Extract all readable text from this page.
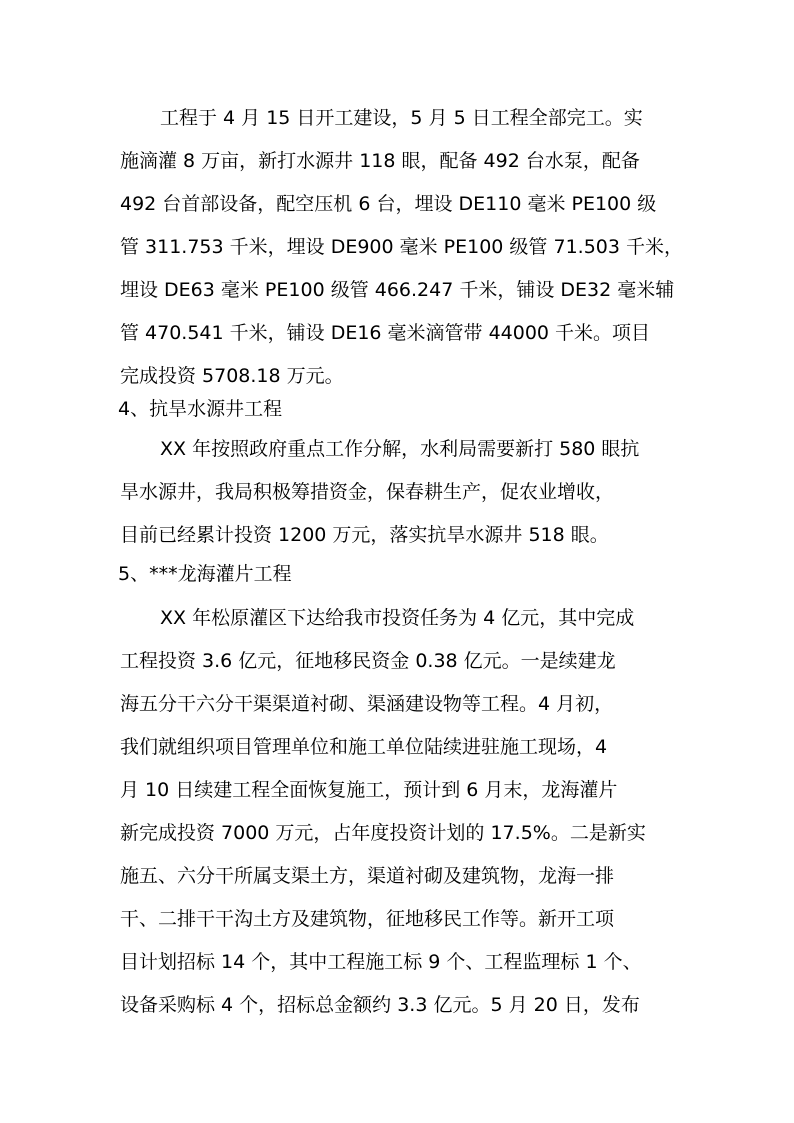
工程于 4 月 15 日开工建设，5 月 5 日工程全部完工。实
施滴灌 8 万亩，新打水源井 118 眼，配备 492 台水泵，配备
492 台首部设备，配空压机 6 台，埋设 DE110 毫米 PE100 级
管 311.753 千米，埋设 DE900 毫米 PE100 级管 71.503 千米，
埋设 DE63 毫米 PE100 级管 466.247 千米，铺设 DE32 毫米辅
管 470.541 千米，铺设 DE16 毫米滴管带 44000 千米。项目
完成投资 5708.18 万元。
4、抗旱水源井工程
XX 年按照政府重点工作分解，水利局需要新打 580 眼抗
旱水源井，我局积极筹措资金，保春耕生产，促农业增收，
目前已经累计投资 1200 万元，落实抗旱水源井 518 眼。
5、***龙海灌片工程
XX 年松原灌区下达给我市投资任务为 4 亿元，其中完成
工程投资 3.6 亿元，征地移民资金 0.38 亿元。一是续建龙
海五分干六分干渠渠道衬砌、渠涵建设物等工程。4 月初，
我们就组织项目管理单位和施工单位陆续进驻施工现场，4
月 10 日续建工程全面恢复施工，预计到 6 月末，龙海灌片
新完成投资 7000 万元，占年度投资计划的 17.5%。二是新实
施五、六分干所属支渠土方，渠道衬砌及建筑物，龙海一排
干、二排干干沟土方及建筑物，征地移民工作等。新开工项
目计划招标 14 个，其中工程施工标 9 个、工程监理标 1 个、
设备采购标 4 个，招标总金额约 3.3 亿元。5 月 20 日，发布
